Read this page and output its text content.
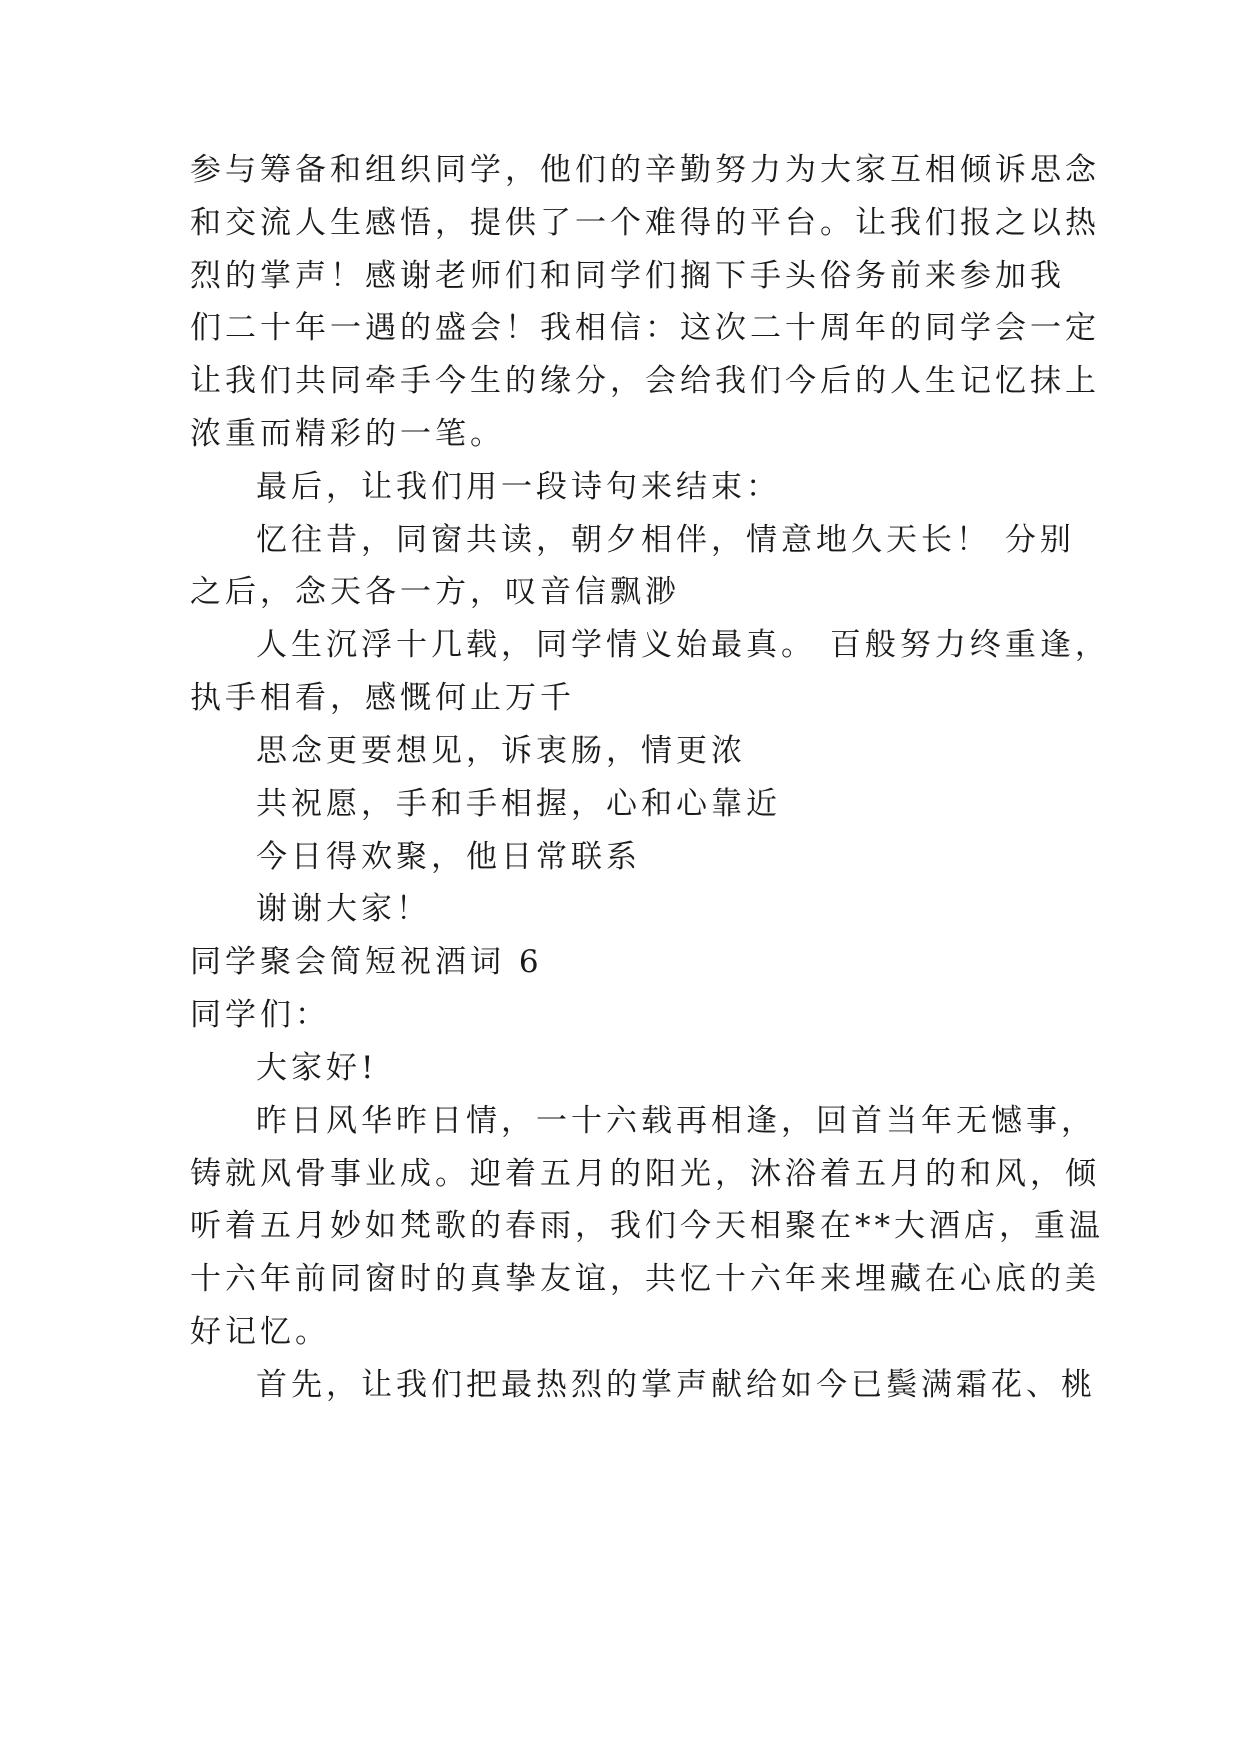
参与筹备和组织同学，他们的辛勤努力为大家互相倾诉思念
和交流人生感悟，提供了一个难得的平台。让我们报之以热
烈的掌声！感谢老师们和同学们搁下手头俗务前来参加我
们二十年一遇的盛会！我相信：这次二十周年的同学会一定
让我们共同牵手今生的缘分，会给我们今后的人生记忆抹上
浓重而精彩的一笔。
最后，让我们用一段诗句来结束：
忆往昔，同窗共读，朝夕相伴，情意地久天长！ 分别
之后，念天各一方，叹音信飘渺
人生沉浮十几载，同学情义始最真。 百般努力终重逢，
执手相看，感慨何止万千
思念更要想见，诉衷肠，情更浓
共祝愿，手和手相握，心和心靠近
今日得欢聚，他日常联系
谢谢大家！
同学聚会简短祝酒词 6
同学们：
大家好!
昨日风华昨日情，一十六载再相逢，回首当年无憾事，
铸就风骨事业成。迎着五月的阳光，沐浴着五月的和风，倾
听着五月妙如梵歌的春雨，我们今天相聚在**大酒店，重温
十六年前同窗时的真挚友谊，共忆十六年来埋藏在心底的美
好记忆。
首先，让我们把最热烈的掌声献给如今已鬓满霜花、桃
